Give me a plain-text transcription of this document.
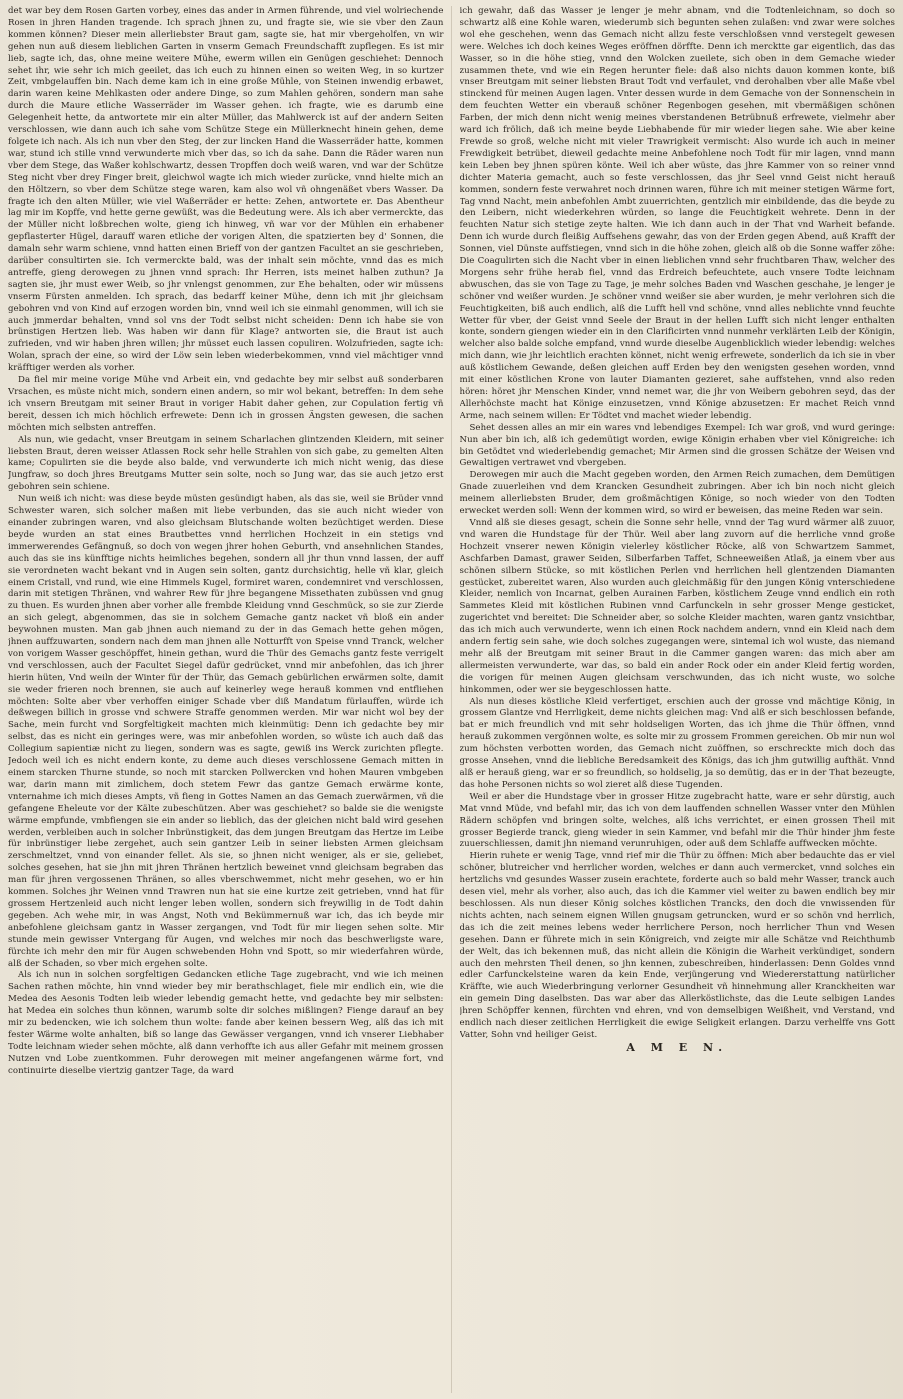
det war bey dem Rosen Garten vorbey, eines das ander in Armen führende, und viel wolriechende Rosen in jhren Handen tragende. Ich sprach jhnen zu, und fragte sie, wie sie vber den Zaun kommen können? Dieser mein allerliebster Braut gam, sagte sie, hat mir vbergeholfen, vn wir gehen nun auß diesem lieblichen Garten in vnserm Gemach Freundschafft zupflegen. Es ist mir lieb, sagte ich, das, ohne meine weitere Mühe, ewerm willen ein Genügen geschiehet: Dennoch sehet ihr, wie sehr ich mich geeilet, das ich euch zu hinnen einen so weiten Weg, in so kurtzer Zeit, vmbgelauffen bin. Nach deme kam ich in eine große Mühle, von Steinen inwendig erbawet, darin waren keine Mehlkasten oder andere Dinge, so zum Mahlen gehören, sondern man sahe durch die Maure etliche Wasserräder im Wasser gehen. ich fragte, wie es darumb eine Gelegenheit hette, da antwortete mir ein alter Müller, das Mahlwerck ist auf der andern Seiten verschlossen, wie dann auch ich sahe vom Schütze Stege ein Müllerknecht hinein gehen, deme folgete ich nach. Als ich nun vber den Steg, der zur lincken Hand die Wasserräder hatte, kommen war, stund ich stille vnnd verwunderte mich vber das, so ich da sahe. Dann die Räder waren nun vber dem Stege, das Waßer kohlschwartz, dessen Tropffen doch weiß waren, vnd war der Schütze Steg nicht vber drey Finger breit, gleichwol wagte ich mich wieder zurücke, vnnd hielte mich an den Höltzern, so vber dem Schütze stege waren, kam also wol vñ ohngenäßet vbers Wasser. Da fragte ich den alten Müller, wie viel Waßerräder er hette: Zehen, antwortete er. Das Abentheur lag mir im Kopffe, vnd hette gerne gewüßt, was die Bedeutung were. Als ich aber vermerckte, das der Müller nicht loßbrechen wolte, gieng ich hinweg, vñ war vor der Mühlen ein erhabener gepflasterter Hügel, darauff waren etliche der vorigen Alten, die spatzierten bey d' Sonnen, die damaln sehr warm schiene, vnnd hatten einen Brieff von der gantzen Facultet an sie geschrieben, darüber consultirten sie. Ich vermerckte bald, was der inhalt sein möchte, vnnd das es mich antreffe, gieng derowegen zu jhnen vnnd sprach: Ihr Herren, ists meinet halben zuthun? Ja sagten sie, jhr must ewer Weib, so jhr vnlengst genommen, zur Ehe behalten, oder wir müssens vnserm Fürsten anmelden. Ich sprach, das bedarff keiner Mühe, denn ich mit jhr gleichsam gebohren vnd von Kind auf erzogen worden bin, vnnd weil ich sie einmahl genommen, will ich sie auch jmmerdar behalten, vnnd sol vns der Todt selbst nicht scheiden: Denn ich habe sie von brünstigen Hertzen lieb. Was haben wir dann für Klage? antworten sie, die Braut ist auch zufrieden, vnd wir haben jhren willen; jhr müsset euch lassen copuliren. Wolzufrieden, sagte ich: Wolan, sprach der eine, so wird der Löw sein leben wiederbekommen, vnnd viel mächtiger vnnd kräfftiger werden als vorher.

Da fiel mir meine vorige Mühe vnd Arbeit ein, vnd gedachte bey mir selbst auß sonderbaren Vrsachen, es müste nicht mich, sondern einen andern, so mir wol bekant, betreffen: In dem sehe ich vnsern Breutgam mit seiner Braut in voriger Habit daher gehen, zur Copulation fertig vñ bereit, dessen ich mich höchlich erfrewete: Denn ich in grossen Ängsten gewesen, die sachen möchten mich selbsten antreffen.

Als nun, wie gedacht, vnser Breutgam in seinem Scharlachen glintzenden Kleidern, mit seiner liebsten Braut, deren weisser Atlassen Rock sehr helle Strahlen von sich gabe, zu gemelten Alten kame; Copulirten sie die beyde also balde, vnd verwunderte ich mich nicht wenig, das diese Jungfraw, so doch jhres Breutgams Mutter sein solte, noch so Jung war, das sie auch jetzo erst gebohren sein schiene.

Nun weiß ich nicht: was diese beyde müsten gesündigt haben, als das sie, weil sie Brüder vnnd Schwester waren, sich solcher maßen mit liebe verbunden, das sie auch nicht wieder von einander zubringen waren, vnd also gleichsam Blutschande wolten bezüchtiget werden. Diese beyde wurden an stat eines Brautbettes vnnd herrlichen Hochzeit in ein stetigs vnd immerwerendes Gefängnuß, so doch von wegen jhrer hohen Geburth, vnd ansehnlichen Standes, auch das sie ins künfftige nichts heimliches begehen, sondern all jhr thun vnnd lassen, der auff sie verordneten wacht bekant vnd in Augen sein solten, gantz durchsichtig, helle vñ klar, gleich einem Cristall, vnd rund, wie eine Himmels Kugel, formiret waren, condemniret vnd verschlossen, darin mit stetigen Thränen, vnd wahrer Rew für jhre begangene Missethaten zubüssen vnd gnug zu thuen. Es wurden jhnen aber vorher alle frembde Kleidung vnnd Geschmück, so sie zur Zierde an sich gelegt, abgenommen, das sie in solchem Gemache gantz nacket vñ bloß ein ander beywohnen musten. Man gab jhnen auch niemand zu der in das Gemach hette gehen mögen, jhnen auffzuwarten, sondern nach dem man jhnen alle Notturfft von Speise vnnd Tranck, welcher von vorigem Wasser geschöpffet, hinein gethan, wurd die Thür des Gemachs gantz feste verrigelt vnd verschlossen, auch der Facultet Siegel dafür gedrücket, vnnd mir anbefohlen, das ich jhrer hierin hüten, Vnd weiln der Winter für der Thür, das Gemach gebürlichen erwärmen solte, damit sie weder frieren noch brennen, sie auch auf keinerley wege herauß kommen vnd entfliehen möchten: Solte aber vber verhoffen einiger Schade vber diß Mandatum fürlauffen, würde ich deßwegen billich in grosse vnd schwere Straffe genommen werden. Mir war nicht wol bey der Sache, mein furcht vnd Sorgfeltigkeit machten mich kleinmütig: Denn ich gedachte bey mir selbst, das es nicht ein geringes were, was mir anbefohlen worden, so wüste ich auch daß das Collegium sapientiæ nicht zu liegen, sondern was es sagte, gewiß ins Werck zurichten pflegte. Jedoch weil ich es nicht endern konte, zu deme auch dieses verschlossene Gemach mitten in einem starcken Thurne stunde, so noch mit starcken Pollwercken vnd hohen Mauren vmbgeben war, darin mann mit zimlichem, doch stetem Fewr das gantze Gemach erwärme konte, vnternahme ich mich dieses Ampts, vñ fieng in Gottes Namen an das Gemach zuerwärmen, vñ die gefangene Eheleute vor der Kälte zubeschützen. Aber was geschiehet? so balde sie die wenigste wärme empfunde, vmbfiengen sie ein ander so lieblich, das der gleichen nicht bald wird gesehen werden, verbleiben auch in solcher Inbrünstigkeit, das dem jungen Breutgam das Hertze im Leibe für inbrünstiger liebe zergehet, auch sein gantzer Leib in seiner liebsten Armen gleichsam zerschmeltzet, vnnd von einander fellet. Als sie, so jhnen nicht weniger, als er sie, geliebet, solches gesehen, hat sie jhn mit jhren Thränen hertzlich beweinet vnnd gleichsam begraben das man für jhren vergossenen Thränen, so alles vberschwemmet, nicht mehr gesehen, wo er hin kommen. Solches jhr Weinen vnnd Trawren nun hat sie eine kurtze zeit getrieben, vnnd hat für grossem Hertzenleid auch nicht lenger leben wollen, sondern sich freywillig in de Todt dahin gegeben. Ach wehe mir, in was Angst, Noth vnd Bekümmernuß war ich, das ich beyde mir anbefohlene gleichsam gantz in Wasser zergangen, vnd Todt für mir liegen sehen solte. Mir stunde mein gewisser Vntergang für Augen, vnd welches mir noch das beschwerligste ware, fürchte ich mehr den mir für Augen schwebenden Hohn vnd Spott, so mir wiederfahren würde, alß der Schaden, so vber mich ergehen solte.

Als ich nun in solchen sorgfeltigen Gedancken etliche Tage zugebracht, vnd wie ich meinen Sachen rathen möchte, hin vnnd wieder bey mir berathschlaget, fiele mir endlich ein, wie die Medea des Aesonis Todten leib wieder lebendig gemacht hette, vnd gedachte bey mir selbsten: hat Medea ein solches thun können, warumb solte dir solches mißlingen? Fienge darauf an bey mir zu bedencken, wie ich solchem thun wolte: fande aber keinen bessern Weg, alß das ich mit fester Wärme wolte anhalten, biß so lange das Gewässer vergangen, vnnd ich vnserer Liebhaber Todte leichnam wieder sehen möchte, alß dann verhoffte ich aus aller Gefahr mit meinem grossen Nutzen vnd Lobe zuentkommen. Fuhr derowegen mit meiner angefangenen wärme fort, vnd continuirte dieselbe viertzig gantzer Tage, da ward

ich gewahr, daß das Wasser je lenger je mehr abnam, vnd die Todtenleichnam, so doch so schwartz alß eine Kohle waren, wiederumb sich begunten sehen zulaßen: vnd zwar were solches wol ehe geschehen, wenn das Gemach nicht allzu feste verschloßsen vnnd verstegelt gewesen were. Welches ich doch keines Weges eröffnen dörffte. Denn ich mercktte gar eigentlich, das das Wasser, so in die höhe stieg, vnnd den Wolcken zueilete, sich oben in dem Gemache wieder zusammen thete, vnd wie ein Regen herunter fiele: daß also nichts dauon kommen konte, biß vnser Breutgam mit seiner liebsten Braut Todt vnd verfaulet, vnd derohalben vber alle Maße vbel stinckend für meinen Augen lagen. Vnter dessen wurde in dem Gemache von der Sonnenschein in dem feuchten Wetter ein vberauß schöner Regenbogen gesehen, mit vbermäßigen schönen Farben, der mich denn nicht wenig meines vberstandenen Betrübnuß erfrewete, vielmehr aber ward ich frölich, daß ich meine beyde Liebhabende für mir wieder liegen sahe. Wie aber keine Frewde so groß, welche nicht mit vieler Trawrigkeit vermischt: Also wurde ich auch in meiner Frewdigkeit betrübet, dieweil gedachte meine Anbefohlene noch Todt für mir lagen, vnnd mann kein Leben bey jhnen spüren könte. Weil ich aber wüste, das jhre Kammer von so reiner vnnd dichter Materia gemacht, auch so feste verschlossen, das jhr Seel vnnd Geist nicht herauß kommen, sondern feste verwahret noch drinnen waren, führe ich mit meiner stetigen Wärme fort, Tag vnnd Nacht, mein anbefohlen Ambt zuuerrichten, gentzlich mir einbildende, das die beyde zu den Leibern, nicht wiederkehren würden, so lange die Feuchtigkeit wehrete. Denn in der feuchten Natur sich stetige zeyte halten. Wie ich dann auch in der That vnd Warheit befande. Denn ich wurde durch fleißig Auffsehens gewahr, das von der Erden gegen Abend, auß Krafft der Sonnen, viel Dünste auffstiegen, vnnd sich in die höhe zohen, gleich alß ob die Sonne waffer zöhe: Die Coagulirten sich die Nacht vber in einen lieblichen vnnd sehr fruchtbaren Thaw, welcher des Morgens sehr frühe herab fiel, vnnd das Erdreich befeuchtete, auch vnsere Todte leichnam abwuschen, das sie von Tage zu Tage, je mehr solches Baden vnd Waschen geschahe, je lenger je schöner vnd weißer wurden. Je schöner vnnd weißer sie aber wurden, je mehr verlohren sich die Feuchtigkeiten, biß auch endlich, alß die Lufft hell vnd schöne, vnnd alles neblichte vnnd feuchte Wetter für vber, der Geist vnnd Seele der Braut in der hellen Lufft sich nicht lenger enthalten konte, sondern giengen wieder ein in den Clarificirten vnnd nunmehr verklärten Leib der Königin, welcher also balde solche empfand, vnnd wurde dieselbe Augenblicklich wieder lebendig: welches mich dann, wie jhr leichtlich erachten könnet, nicht wenig erfrewete, sonderlich da ich sie in vber auß köstlichem Gewande, deßen gleichen auff Erden bey den wenigsten gesehen worden, vnnd mit einer köstlichen Krone von lauter Diamanten gezieret, sahe auffstehen, vnnd also reden hören: höret jhr Menschen Kinder, vnnd nemet war, die jhr von Weibern gebohren seyd, das der Allerhöchste macht hat Könige einzusetzen, vnnd Könige abzusetzen: Er machet Reich vnnd Arme, nach seinem willen: Er Tödtet vnd machet wieder lebendig.

Sehet dessen alles an mir ein wares vnd lebendiges Exempel: Ich war groß, vnd wurd geringe: Nun aber bin ich, alß ich gedemütigt worden, ewige Königin erhaben vber viel Königreiche: ich bin Getödtet vnd wiederlebendig gemachet; Mir Armen sind die grossen Schätze der Weisen vnd Gewaltigen vertrawet vnd vbergeben.

Derowegen mir auch die Macht gegeben worden, den Armen Reich zumachen, dem Demütigen Gnade zuuerleihen vnd dem Krancken Gesundheit zubringen. Aber ich bin noch nicht gleich meinem allerliebsten Bruder, dem großmächtigen Könige, so noch wieder von den Todten erwecket werden soll: Wenn der kommen wird, so wird er beweisen, das meine Reden war sein.

Vnnd alß sie dieses gesagt, schein die Sonne sehr helle, vnnd der Tag wurd wärmer alß zuuor, vnd waren die Hundstage für der Thür. Weil aber lang zuvorn auf die herrliche vnnd große Hochzeit vnserer newen Königin vielerley köstlicher Röcke, alß von Schwartzem Sammet, Aschfarben Damast, grawer Seiden, Silberfarben Taffet, Schneeweißen Atlaß, ja einem vber aus schönen silbern Stücke, so mit köstlichen Perlen vnd herrlichen hell glentzenden Diamanten gestücket, zubereitet waren, Also wurden auch gleichmäßig für den jungen König vnterschiedene Kleider, nemlich von Incarnat, gelben Aurainen Farben, köstlichem Zeuge vnnd endlich ein roth Sammetes Kleid mit köstlichen Rubinen vnnd Carfunckeln in sehr grosser Menge gesticket, zugerichtet vnd bereitet: Die Schneider aber, so solche Kleider machten, waren gantz vnsichtbar, das ich mich auch verwunderte, wenn ich einen Rock nachdem andern, vnnd ein Kleid nach dem andern fertig sein sahe, wie doch solches zugegangen were, sintemal ich wol wuste, das niemand mehr alß der Breutgam mit seiner Braut in die Cammer gangen waren: das mich aber am allermeisten verwunderte, war das, so bald ein ander Rock oder ein ander Kleid fertig worden, die vorigen für meinen Augen gleichsam verschwunden, das ich nicht wuste, wo solche hinkommen, oder wer sie beygeschlossen hatte.

Als nun dieses köstliche Kleid verfertiget, erschien auch der grosse vnd mächtige König, in grossem Glantze vnd Herrligkeit, deme nichts gleichen mag: Vnd alß er sich beschlossen befande, bat er mich freundlich vnd mit sehr holdseligen Worten, das ich jhme die Thür öffnen, vnnd herauß zukommen vergönnen wolte, es solte mir zu grossem Frommen gereichen. Ob mir nun wol zum höchsten verbotten worden, das Gemach nicht zuöffnen, so erschreckte mich doch das grosse Ansehen, vnnd die liebliche Beredsamkeit des Königs, das ich jhm gutwillig aufthät. Vnnd alß er herauß gieng, war er so freundlich, so holdselig, ja so demütig, das er in der That bezeugte, das hohe Personen nichts so wol zieret alß diese Tugenden.

Weil er aber die Hundstage vber in grosser Hitze zugebracht hatte, ware er sehr dürstig, auch Mat vnnd Müde, vnd befahl mir, das ich von dem lauffenden schnellen Wasser vnter den Mühlen Rädern schöpfen vnd bringen solte, welches, alß ichs verrichtet, er einen grossen Theil mit grosser Begierde tranck, gieng wieder in sein Kammer, vnd befahl mir die Thür hinder jhm feste zuuerschliessen, damit jhn niemand verunruhigen, oder auß dem Schlaffe auffwecken möchte.

Hierin ruhete er wenig Tage, vnnd rief mir die Thür zu öffnen: Mich aber bedauchte das er viel schöner, blutreicher vnd herrlicher worden, welches er dann auch vermercket, vnnd solches ein hertzlichs vnd gesundes Wasser zusein erachtete, forderte auch so bald mehr Wasser, tranck auch desen viel, mehr als vorher, also auch, das ich die Kammer viel weiter zu bawen endlich bey mir beschlossen. Als nun dieser König solches köstlichen Trancks, den doch die vnwissenden für nichts achten, nach seinem eignen Willen gnugsam getruncken, wurd er so schön vnd herrlich, das ich die zeit meines lebens weder herrlichere Person, noch herrlicher Thun vnd Wesen gesehen. Dann er führete mich in sein Königreich, vnd zeigte mir alle Schätze vnd Reichthumb der Welt, das ich bekennen muß, das nicht allein die Königin die Warheit verkündiget, sondern auch den mehrsten Theil denen, so jhn kennen, zubeschreiben, hinderlassen: Denn Goldes vnnd edler Carfunckelsteine waren da kein Ende, verjüngerung vnd Wiedererstattung natürlicher Kräffte, wie auch Wiederbringung verlorner Gesundheit vñ hinnehmung aller Kranckheiten war ein gemein Ding daselbsten. Das war aber das Allerköstlichste, das die Leute selbigen Landes jhren Schöpffer kennen, fürchten vnd ehren, vnd von demselbigen Weißheit, vnd Verstand, vnd endlich nach dieser zeitlichen Herrligkeit die ewige Seligkeit erlangen. Darzu verhelffe vns Gott Vatter, Sohn vnd heiliger Geist.

A M E N.
